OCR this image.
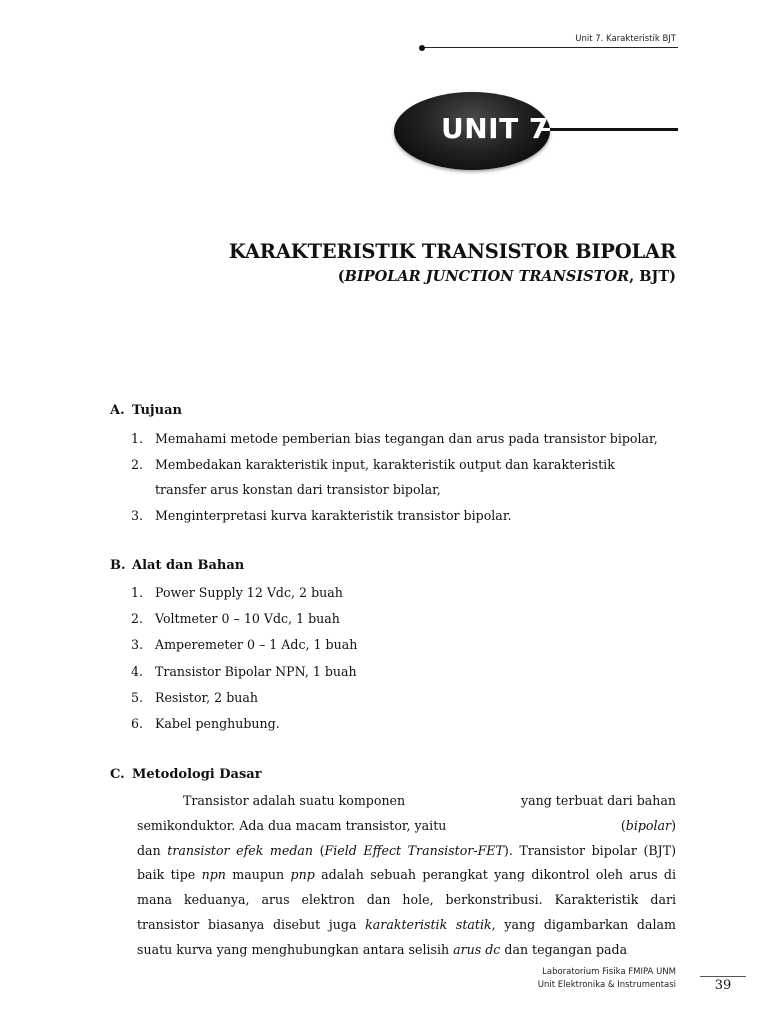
Unit 7. Karakteristik BJT
UNIT 7
KARAKTERISTIK TRANSISTOR BIPOLAR
(BIPOLAR JUNCTION TRANSISTOR, BJT)
A. Tujuan
1. Memahami metode pemberian bias tegangan dan arus pada transistor bipolar,
2. Membedakan karakteristik input, karakteristik output dan karakteristik
transfer arus konstan dari transistor bipolar,
3. Menginterpretasi kurva karakteristik transistor bipolar.
B. Alat dan Bahan
1. Power Supply 12 Vdc, 2 buah
2. Voltmeter 0 – 10 Vdc, 1 buah
3. Amperemeter 0 – 1 Adc, 1 buah
4. Transistor Bipolar NPN, 1 buah
5. Resistor, 2 buah
6. Kabel penghubung.
C. Metodologi Dasar
Transistor adalah suatu komponen	yang terbuat dari bahan
semikonduktor. Ada dua macam transistor, yaitu	(bipolar)
dan transistor efek medan (Field Effect Transistor-FET). Transistor bipolar (BJT)
baik tipe npn maupun pnp adalah sebuah perangkat yang dikontrol oleh arus di
mana keduanya, arus elektron dan hole, berkonstribusi. Karakteristik dari
transistor biasanya disebut juga karakteristik statik, yang digambarkan dalam
suatu kurva yang menghubungkan antara selisih arus dc dan tegangan pada
Laboratorium Fisika FMIPA UNM
Unit Elektronika & Instrumentasi	39
